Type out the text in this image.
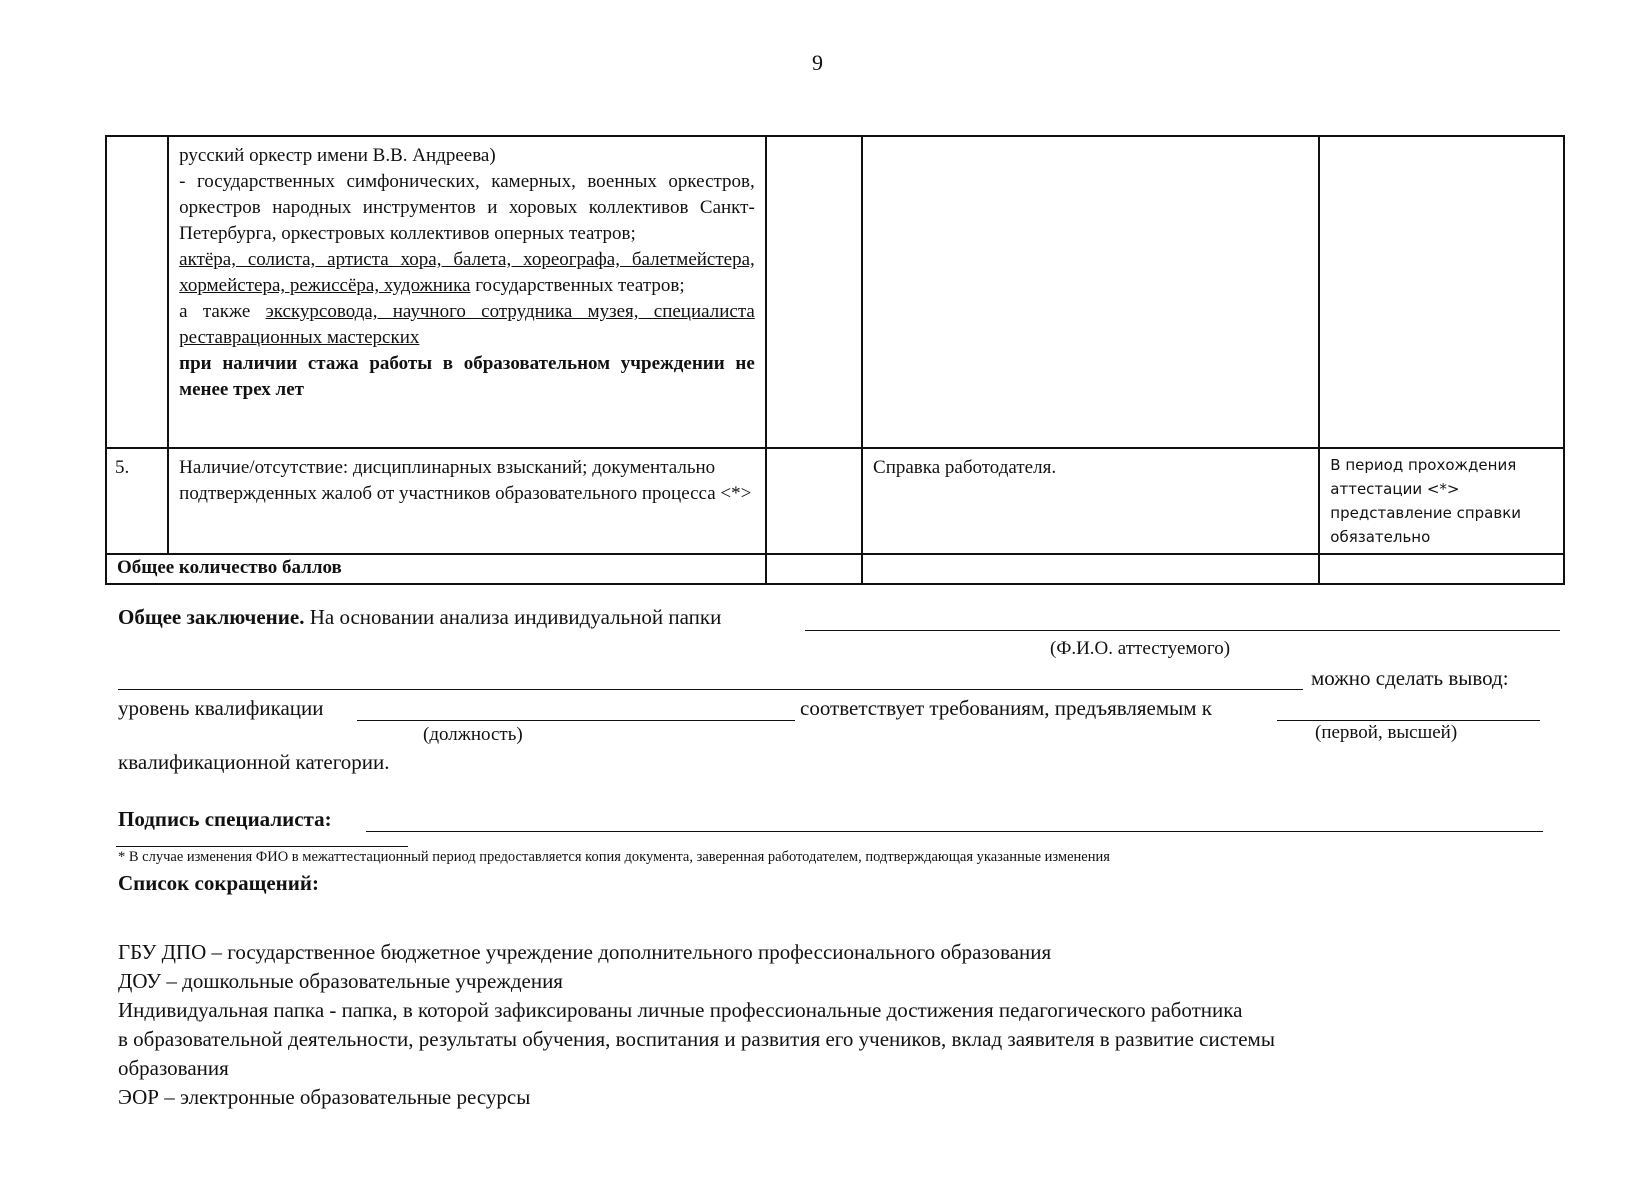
9

	русский оркестр имени В.В. Андреева)

- государственных симфонических, камерных, военных оркестров, оркестров народных инструментов и хоровых коллективов Санкт-Петербурга, оркестровых коллективов оперных театров;

актёра, солиста, артиста хора, балета, хореографа, балетмейстера, хормейстера, режиссёра, художника государственных театров;

а также экскурсовода, научного сотрудника музея, специалиста реставрационных мастерских

при наличии стажа работы в образовательном учреждении не менее трех лет			

5.	Наличие/отсутствие: дисциплинарных взысканий; документально подтвержденных жалоб от участников образовательного процесса <*>		Справка работодателя.	В период прохождения аттестации <*> представление справки обязательно

Общее количество баллов				

Общее заключение. На основании анализа индивидуальной папки
(Ф.И.О. аттестуемого)
можно сделать вывод:
уровень квалификации	соответствует требованиям, предъявляемым к
(должность)	(первой, высшей)
квалификационной категории.
Подпись специалиста:
* В случае изменения ФИО в межаттестационный период предоставляется копия документа, заверенная работодателем, подтверждающая указанные изменения
Список сокращений:
ГБУ ДПО – государственное бюджетное учреждение дополнительного профессионального образования
ДОУ – дошкольные образовательные учреждения
Индивидуальная папка - папка, в которой зафиксированы личные профессиональные достижения педагогического работника
в образовательной деятельности, результаты обучения, воспитания и развития его учеников, вклад заявителя в развитие системы
образования
ЭОР – электронные образовательные ресурсы
